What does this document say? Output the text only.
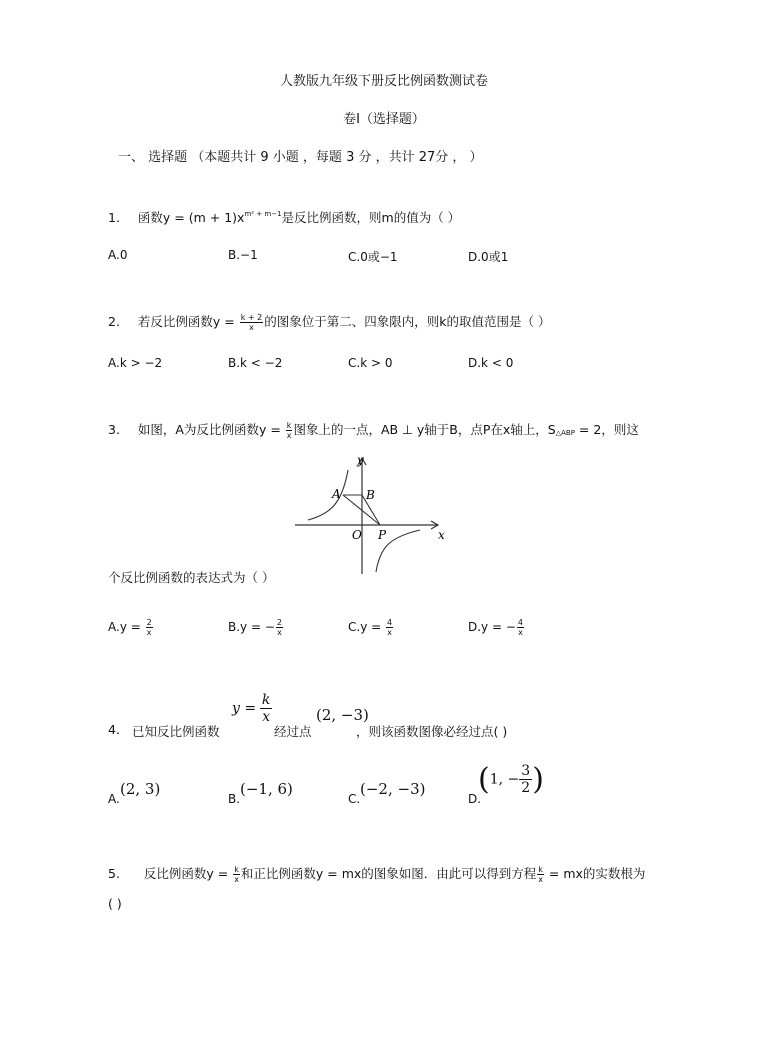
人教版九年级下册反比例函数测试卷
卷Ⅰ（选择题）
一、 选择题 （本题共计 9 小题 ，每题 3 分 ，共计 27分 ， ）
1. 函数$y = (m + 1)x^{m^2 + m-1}$是反比例函数，则m的值为（ ）
A.0	B.−1	C.0或−1	D.0或1
2. 若反比例函数$y = \frac{k + 2}{x}$ 的图象位于第二、四象限内，则k的取值范围是（ ）
A.k > −2	B.k < −2	C.k > 0	D.k < 0
3. 如图，A为反比例函数$y = \frac{k}{x}$ 图象上的一点，AB ⊥ y轴于B，点P在x轴上，S△ABP = 2，则这
y
x
A B
O P
个反比例函数的表达式为（ ）
$A.y = \frac{2}{x}$	B.y = − $\frac{2}{x}$	$C.y = \frac{4}{x}$	D.y = − $\frac{4}{x}$
4. 已知反比例函数
$y = \frac{k}{x}$
经过点
(2, −3)
，则该函数图像必经过点( )
A.
(2, 3)
B.
(−1, 6)
C.
(−2, −3)
D.
(1, − $\frac{3}{2}$ )
5. 反比例函数$y = \frac{k}{x}$ 和正比例函数y = mx的图象如图．由此可以得到方程 $\frac{k}{x}$ = mx的实数根为
( )
